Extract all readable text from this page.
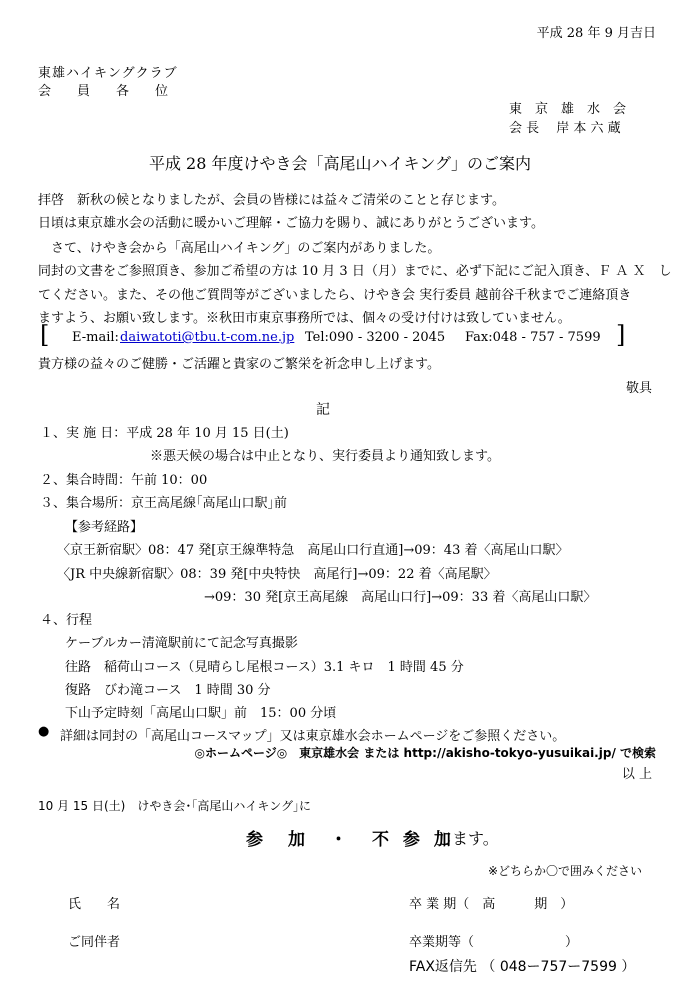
平成 28 年 9 月吉日
東雄ハイキングクラブ
会　　員　　各　　位
東　京　雄　水　会
会 長　 岸 本 六 蔵
平成 28 年度けやき会「高尾山ハイキング」のご案内
拝啓　新秋の候となりましたが、会員の皆様には益々ご清栄のことと存じます。
日頃は東京雄水会の活動に暖かいご理解・ご協力を賜り、誠にありがとうございます。
　さて、けやき会から「高尾山ハイキング」のご案内がありました。
同封の文書をご参照頂き、参加ご希望の方は 10 月 3 日（月）までに、必ず下記にご記入頂き、Ｆ Ａ Ｘ　し
てください。また、その他ご質問等がございましたら、けやき会 実行委員 越前谷千秋までご連絡頂き
ますよう、お願い致します。※秋田市東京事務所では、個々の受け付けは致していません。
[ E-mail: daiwatoti@tbu.t-com.ne.jp Tel:090 - 3200 - 2045 Fax:048 - 757 - 7599 ]
貴方様の益々のご健勝・ご活躍と貴家のご繁栄を祈念申し上げます。
敬具
記
１、実 施 日：平成 28 年 10 月 15 日(土)
※悪天候の場合は中止となり、実行委員より通知致します。
２、集合時間：午前 10：00
３、集合場所：京王高尾線｢高尾山口駅｣前
【参考経路】
〈京王新宿駅〉08：47 発[京王線準特急　高尾山口行直通]→09：43 着〈高尾山口駅〉
〈JR 中央線新宿駅〉08：39 発[中央特快　高尾行]→09：22 着〈高尾駅〉
→09：30 発[京王高尾線　高尾山口行]→09：33 着〈高尾山口駅〉
４、行程
ケーブルカー清滝駅前にて記念写真撮影
往路　稲荷山コース（見晴らし尾根コース）3.1 キロ　1 時間 45 分
復路　びわ滝コース　1 時間 30 分
下山予定時刻「高尾山口駅」前　15：00 分頃
● 詳細は同封の「高尾山コースマップ」又は東京雄水会ホームページをご参照ください。
◎ホームページ◎　東京雄水会 または http://akisho-tokyo-yusuikai.jp/ で検索
以 上
10 月 15 日(土)　けやき会･｢高尾山ハイキング｣に
参　加　・　不 参 加
します。
※どちらか〇で囲みください
氏　　名	卒 業 期（　高　　　期　）
ご同伴者	卒業期等（　　　　　　　）
FAX返信先 （ 048ー757ー7599 ）
